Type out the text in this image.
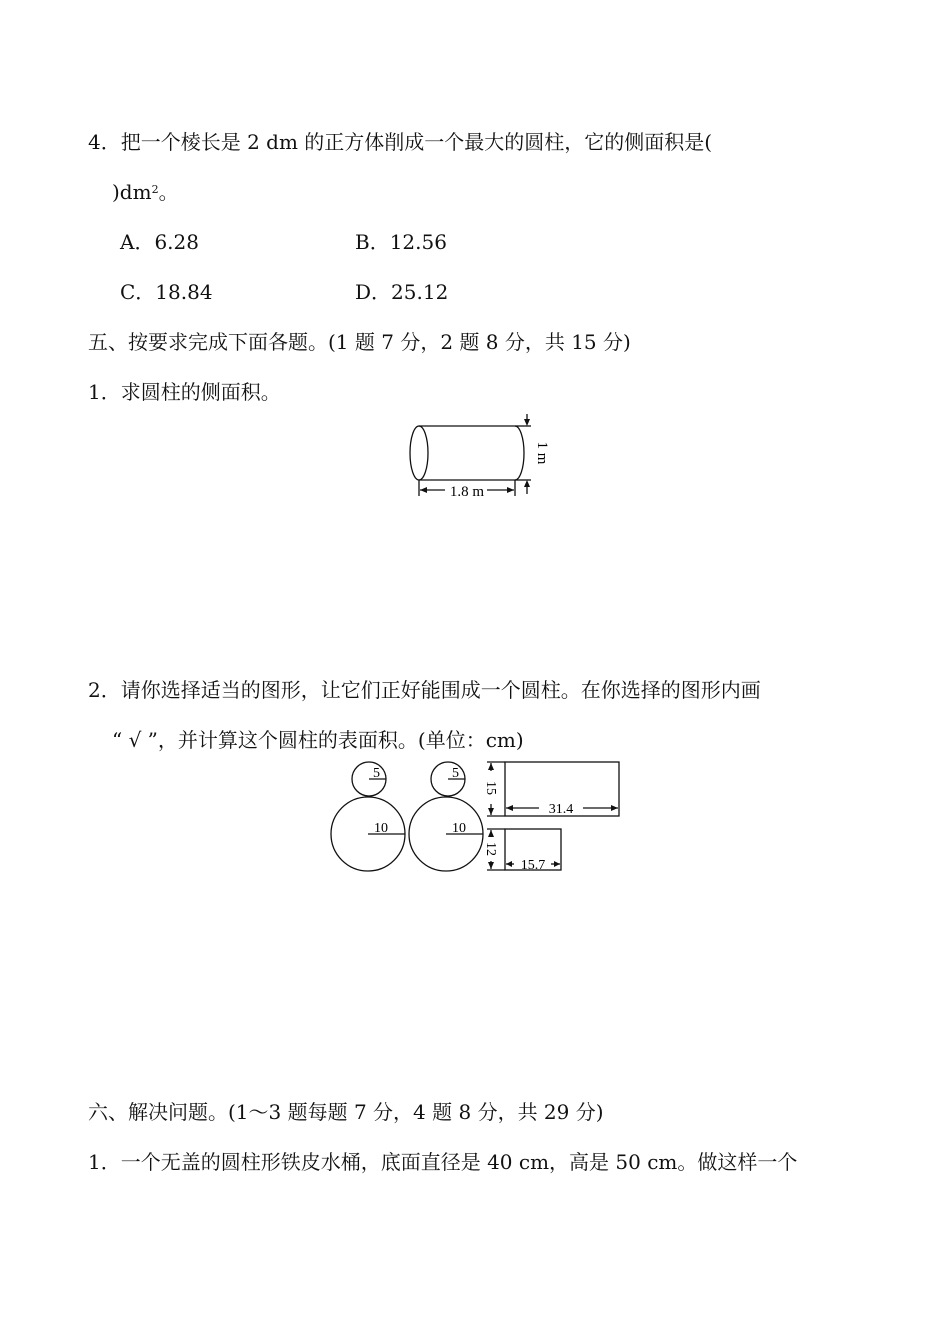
4．把一个棱长是 2 dm 的正方体削成一个最大的圆柱，它的侧面积是(
)$dm^2$。
A．6.28	B．12.56
C．18.84	D．25.12
五、按要求完成下面各题。(1 题 7 分，2 题 8 分，共 15 分)
1．求圆柱的侧面积。
1.8 m
1 m
2．请你选择适当的图形，让它们正好能围成一个圆柱。在你选择的图形内画
“ √ ”，并计算这个圆柱的表面积。(单位：cm)
5
10
5
10
15
31.4
12
15.7
六、解决问题。(1～3 题每题 7 分，4 题 8 分，共 29 分)
1．一个无盖的圆柱形铁皮水桶，底面直径是 40 cm，高是 50 cm。做这样一个
